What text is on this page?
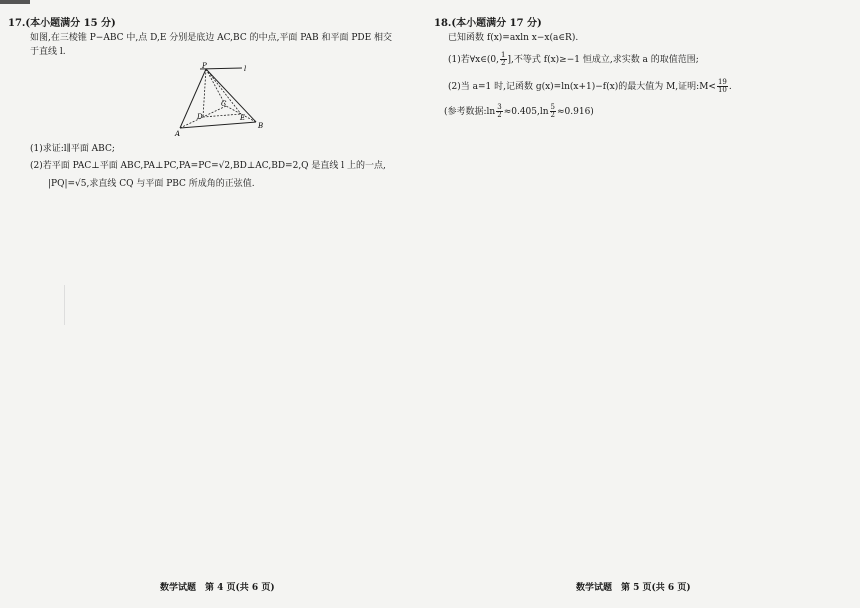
17.(本小题满分 15 分)
如图,在三棱锥 P−ABC 中,点 D,E 分别是底边 AC,BC 的中点,平面 PAB 和平面 PDE 相交
于直线 l.
P	l
A
B
C
D	E
(1)求证:l∥平面 ABC;
(2)若平面 PAC⊥平面 ABC,PA⊥PC,PA=PC=√2,BD⊥AC,BD=2,Q 是直线 l 上的一点,
|PQ|=√5,求直线 CQ 与平面 PBC 所成角的正弦值.
数学试题　第 4 页(共 6 页)
18.(本小题满分 17 分)
已知函数 f(x)=axln x−x(a∈R).
(1)若∀x∈(0, $\frac{1}{2}$ ],不等式 f(x)≥−1 恒成立,求实数 a 的取值范围;
(2)当 a=1 时,记函数 g(x)=ln(x+1)−f(x)的最大值为 M,证明:M< $\frac{19}{10}$ .
(参考数据:ln $\frac{3}{2} \approx 0.405,\ln \frac{5}{2} \approx 0.916$)
数学试题　第 5 页(共 6 页)
